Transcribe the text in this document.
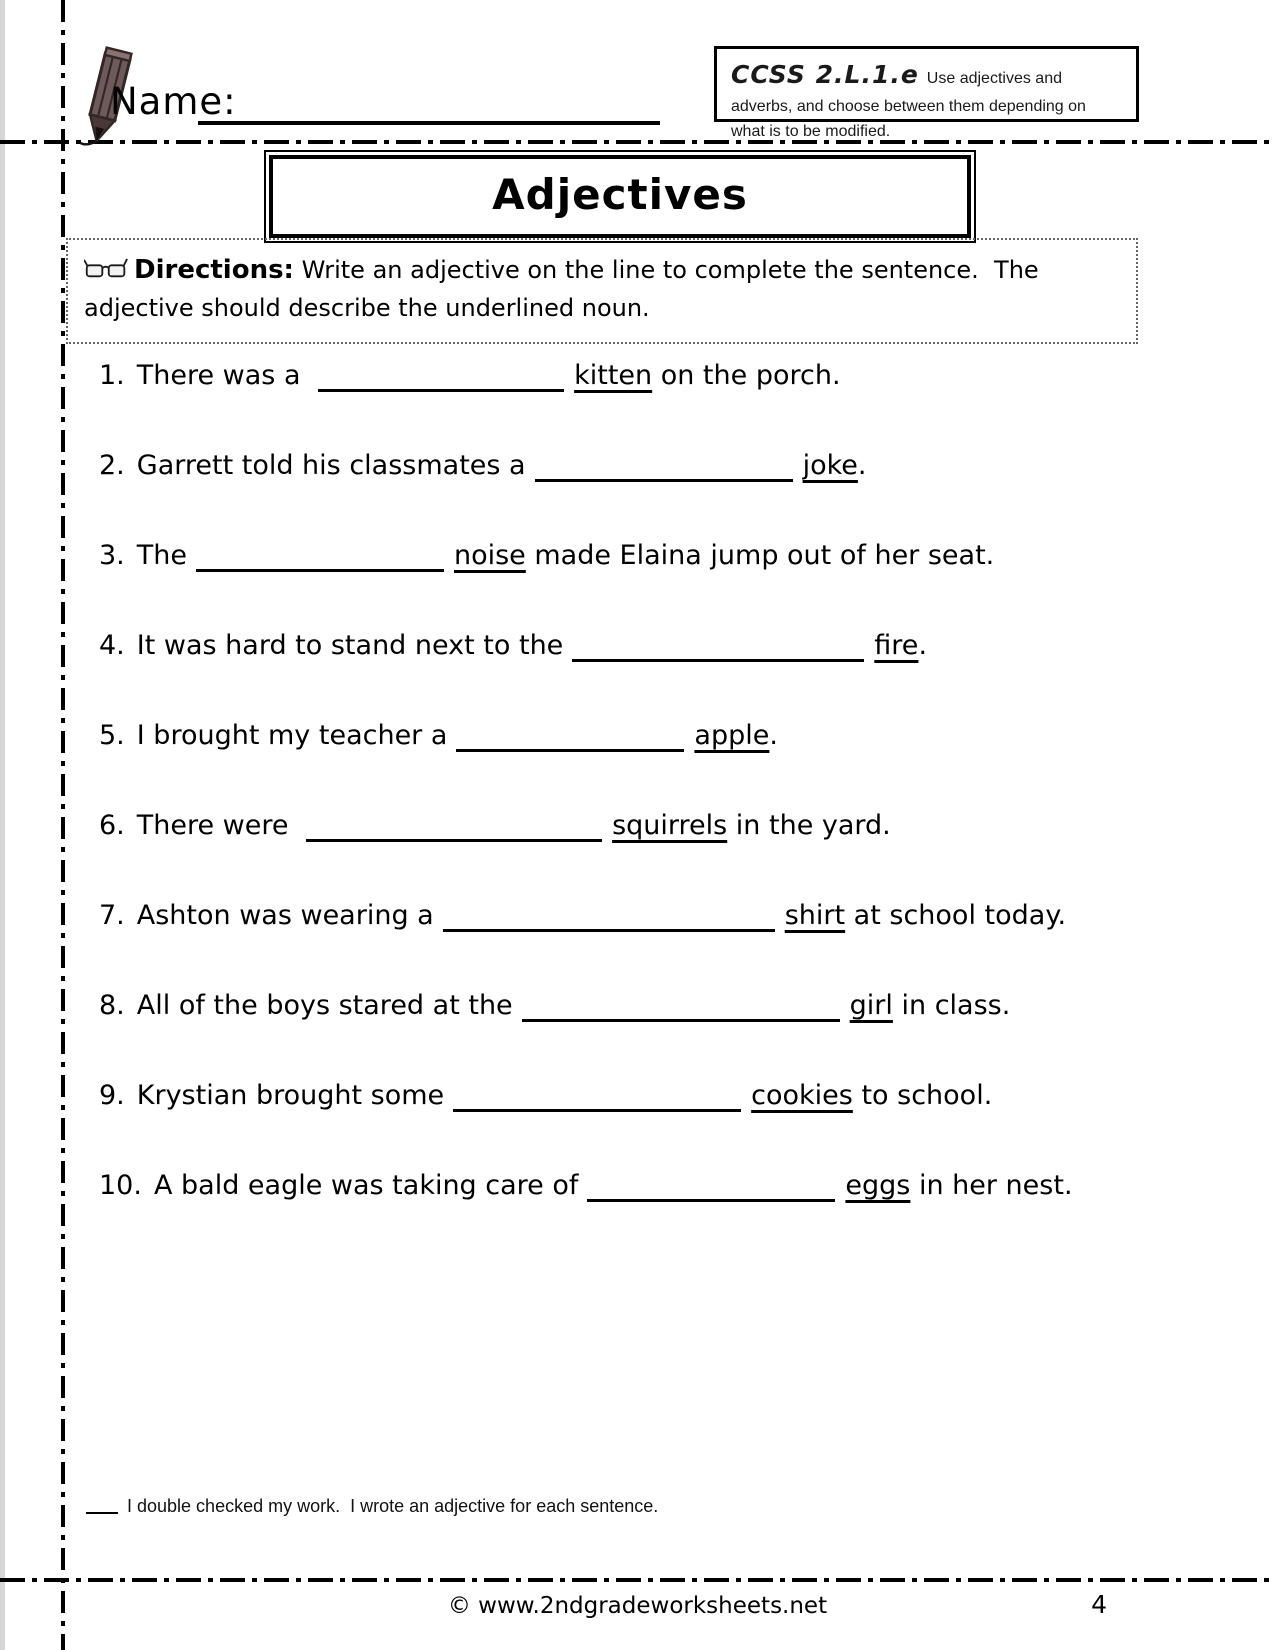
Name:
CCSS 2.L.1.e Use adjectives and adverbs, and choose between them depending on what is to be modified.
Adjectives
Directions: Write an adjective on the line to complete the sentence.  The adjective should describe the underlined noun.
1. There was a	kitten on the porch.
2. Garrett told his classmates a	joke.
3. The	noise made Elaina jump out of her seat.
4. It was hard to stand next to the	fire.
5. I brought my teacher a	apple.
6. There were	squirrels in the yard.
7. Ashton was wearing a	shirt at school today.
8. All of the boys stared at the	girl in class.
9. Krystian brought some	cookies to school.
10. A bald eagle was taking care of	eggs in her nest.
I double checked my work.  I wrote an adjective for each sentence.
© www.2ndgradeworksheets.net	4
